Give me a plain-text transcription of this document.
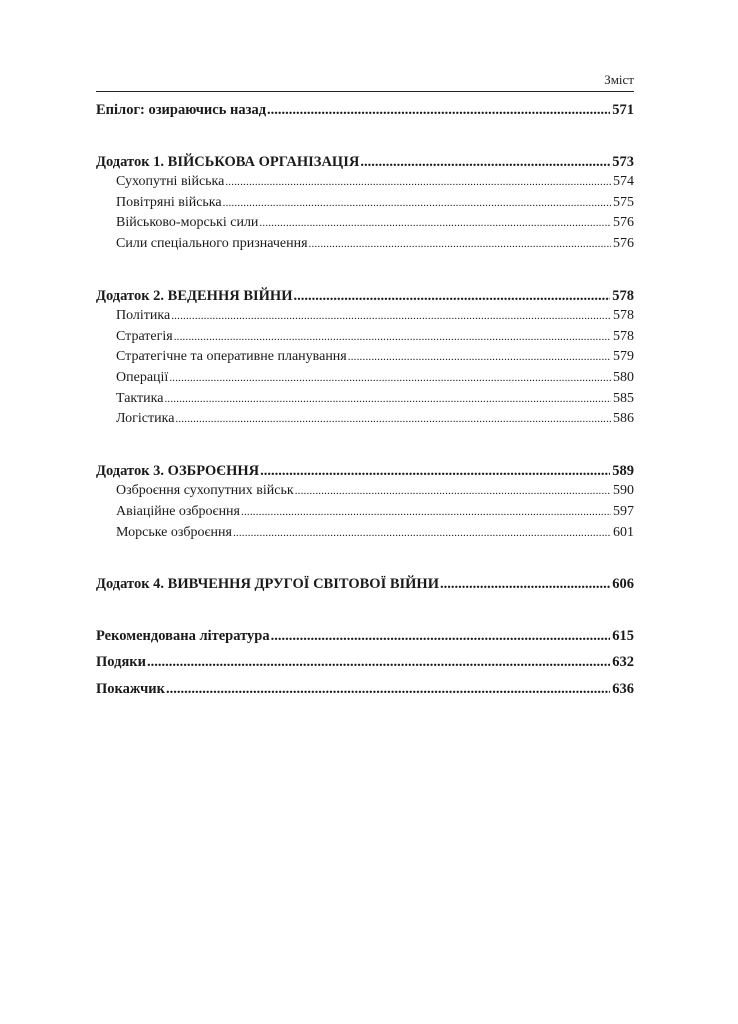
Зміст
Епілог: озираючись назад .....	571
Додаток 1. ВІЙСЬКОВА ОРГАНІЗАЦІЯ .....	573
Сухопутні війська .....	574
Повітряні війська .....	575
Військово-морські сили .....	576
Сили спеціального призначення .....	576
Додаток 2. ВЕДЕННЯ ВІЙНИ .....	578
Політика .....	578
Стратегія .....	578
Стратегічне та оперативне планування .....	579
Операції .....	580
Тактика .....	585
Логістика .....	586
Додаток 3. ОЗБРОЄННЯ .....	589
Озброєння сухопутних військ .....	590
Авіаційне озброєння .....	597
Морське озброєння .....	601
Додаток 4. ВИВЧЕННЯ ДРУГОЇ СВІТОВОЇ ВІЙНИ .....	606
Рекомендована література .....	615
Подяки .....	632
Покажчик .....	636
